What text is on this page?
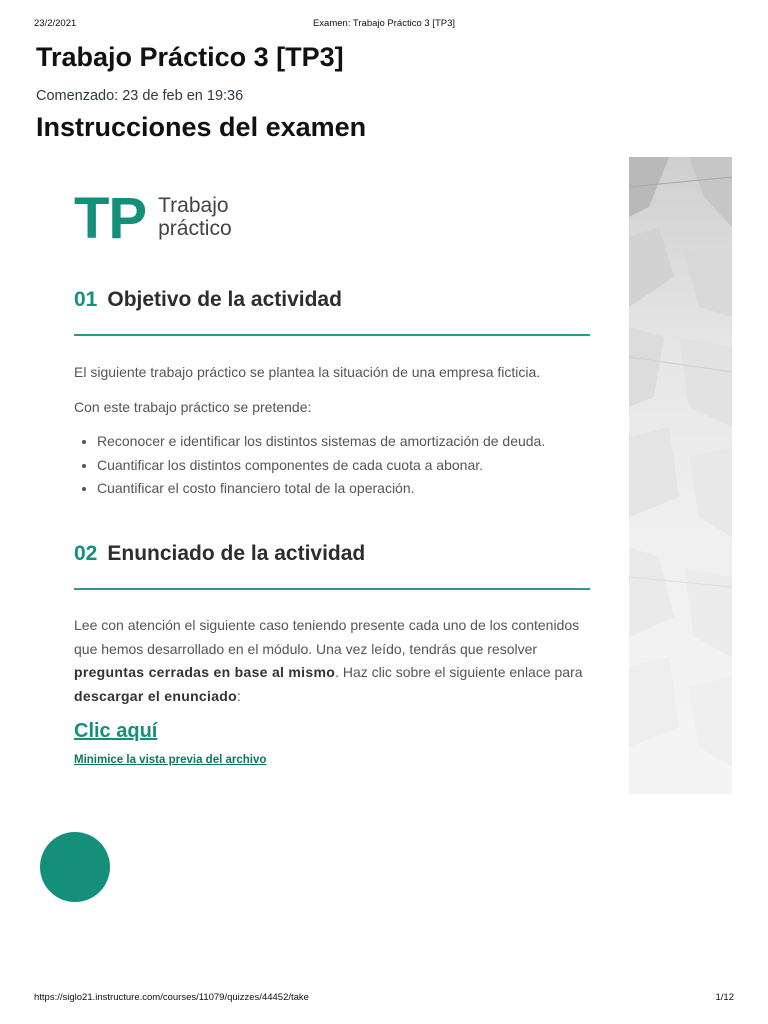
23/2/2021	Examen: Trabajo Práctico 3 [TP3]
Trabajo Práctico 3 [TP3]
Comenzado: 23 de feb en 19:36
Instrucciones del examen
TP Trabajo
práctico
01 Objetivo de la actividad
El siguiente trabajo práctico se plantea la situación de una empresa ficticia.
Con este trabajo práctico se pretende:
• Reconocer e identificar los distintos sistemas de amortización de deuda.
• Cuantificar los distintos componentes de cada cuota a abonar.
• Cuantificar el costo financiero total de la operación.
02 Enunciado de la actividad
Lee con atención el siguiente caso teniendo presente cada uno de los contenidos que hemos desarrollado en el módulo. Una vez leído, tendrás que resolver preguntas cerradas en base al mismo. Haz clic sobre el siguiente enlace para descargar el enunciado:
Clic aquí
Minimice la vista previa del archivo
https://siglo21.instructure.com/courses/11079/quizzes/44452/take	1/12
